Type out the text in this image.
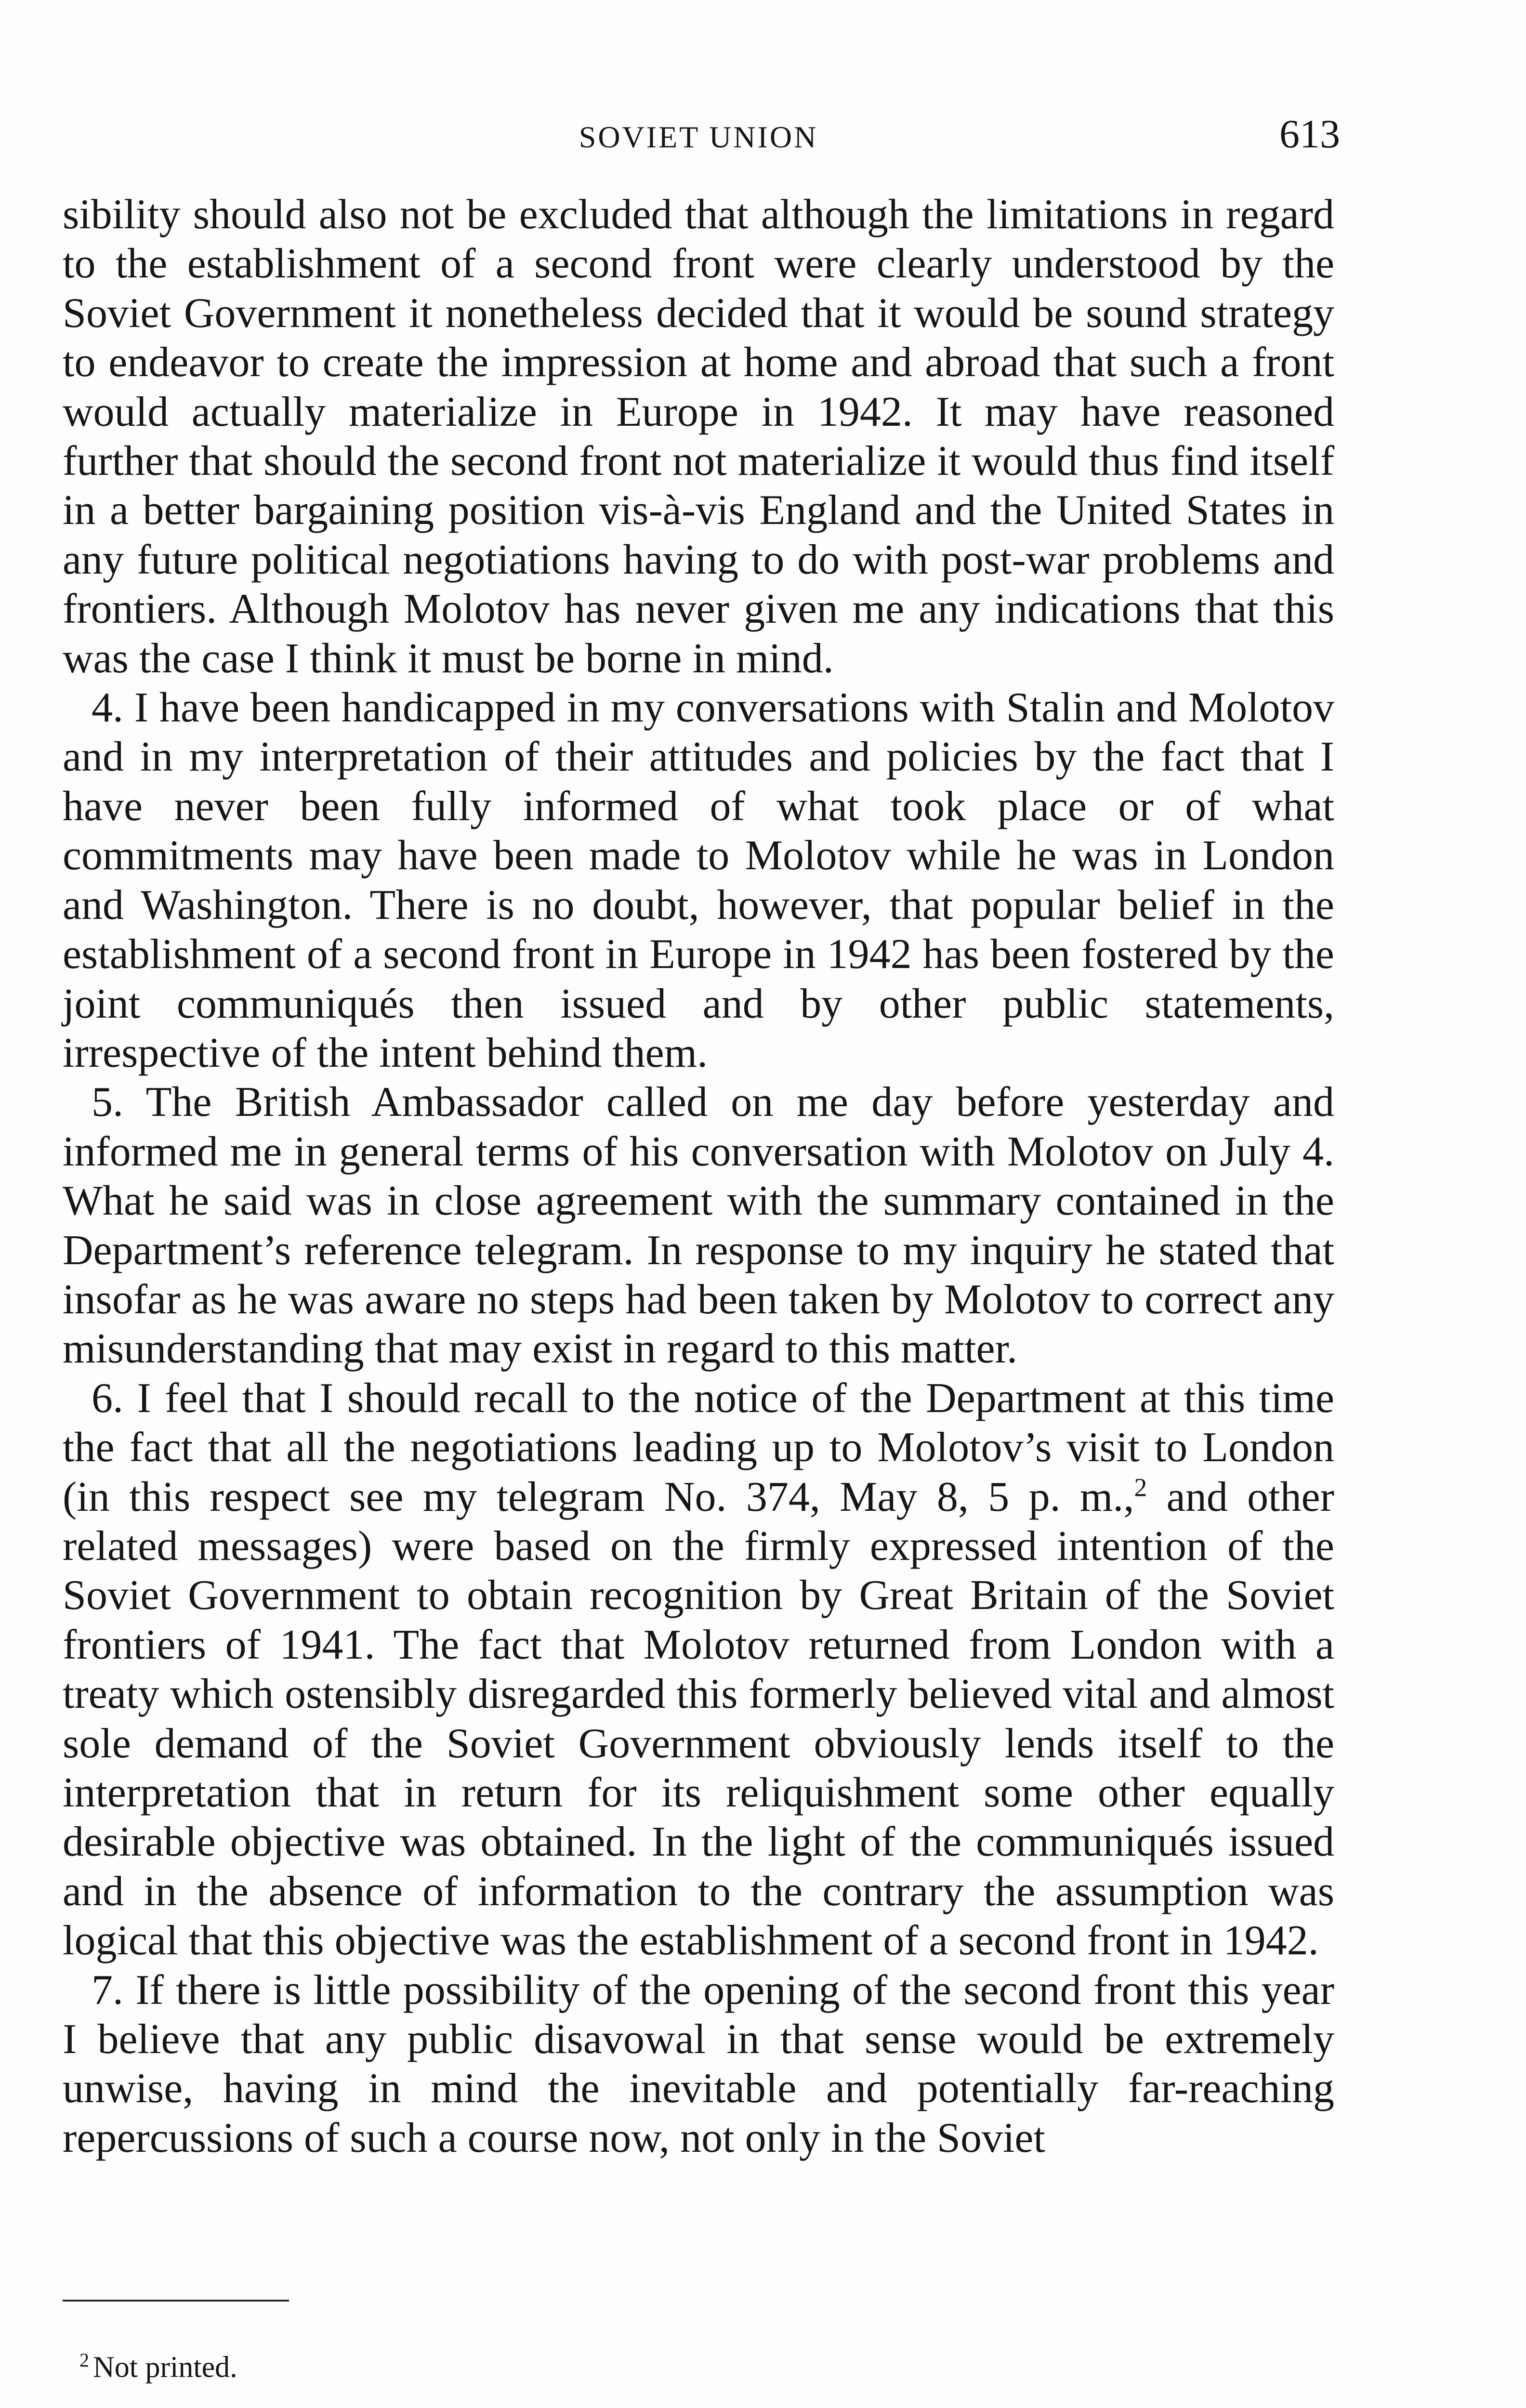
SOVIET UNION	613

sibility should also not be excluded that although the limitations in regard to the establishment of a second front were clearly understood by the Soviet Government it nonetheless decided that it would be sound strategy to endeavor to create the impression at home and abroad that such a front would actually materialize in Europe in 1942. It may have reasoned further that should the second front not materialize it would thus find itself in a better bargaining position vis-à-vis England and the United States in any future political negotiations having to do with post-war problems and frontiers. Although Molotov has never given me any indications that this was the case I think it must be borne in mind.

4. I have been handicapped in my conversations with Stalin and Molotov and in my interpretation of their attitudes and policies by the fact that I have never been fully informed of what took place or of what commitments may have been made to Molotov while he was in London and Washington. There is no doubt, however, that popular belief in the establishment of a second front in Europe in 1942 has been fostered by the joint communiqués then issued and by other public statements, irrespective of the intent behind them.

5. The British Ambassador called on me day before yesterday and informed me in general terms of his conversation with Molotov on July 4. What he said was in close agreement with the summary contained in the Department’s reference telegram. In response to my inquiry he stated that insofar as he was aware no steps had been taken by Molotov to correct any misunderstanding that may exist in regard to this matter.

6. I feel that I should recall to the notice of the Department at this time the fact that all the negotiations leading up to Molotov’s visit to London (in this respect see my telegram No. 374, May 8, 5 p. m.,$^2$ and other related messages) were based on the firmly expressed intention of the Soviet Government to obtain recognition by Great Britain of the Soviet frontiers of 1941. The fact that Molotov returned from London with a treaty which ostensibly disregarded this formerly believed vital and almost sole demand of the Soviet Government obviously lends itself to the interpretation that in return for its reliquishment some other equally desirable objective was obtained. In the light of the communiqués issued and in the absence of information to the contrary the assumption was logical that this objective was the establishment of a second front in 1942.

7. If there is little possibility of the opening of the second front this year I believe that any public disavowal in that sense would be extremely unwise, having in mind the inevitable and potentially far-reaching repercussions of such a course now, not only in the Soviet

$^2$ Not printed.
